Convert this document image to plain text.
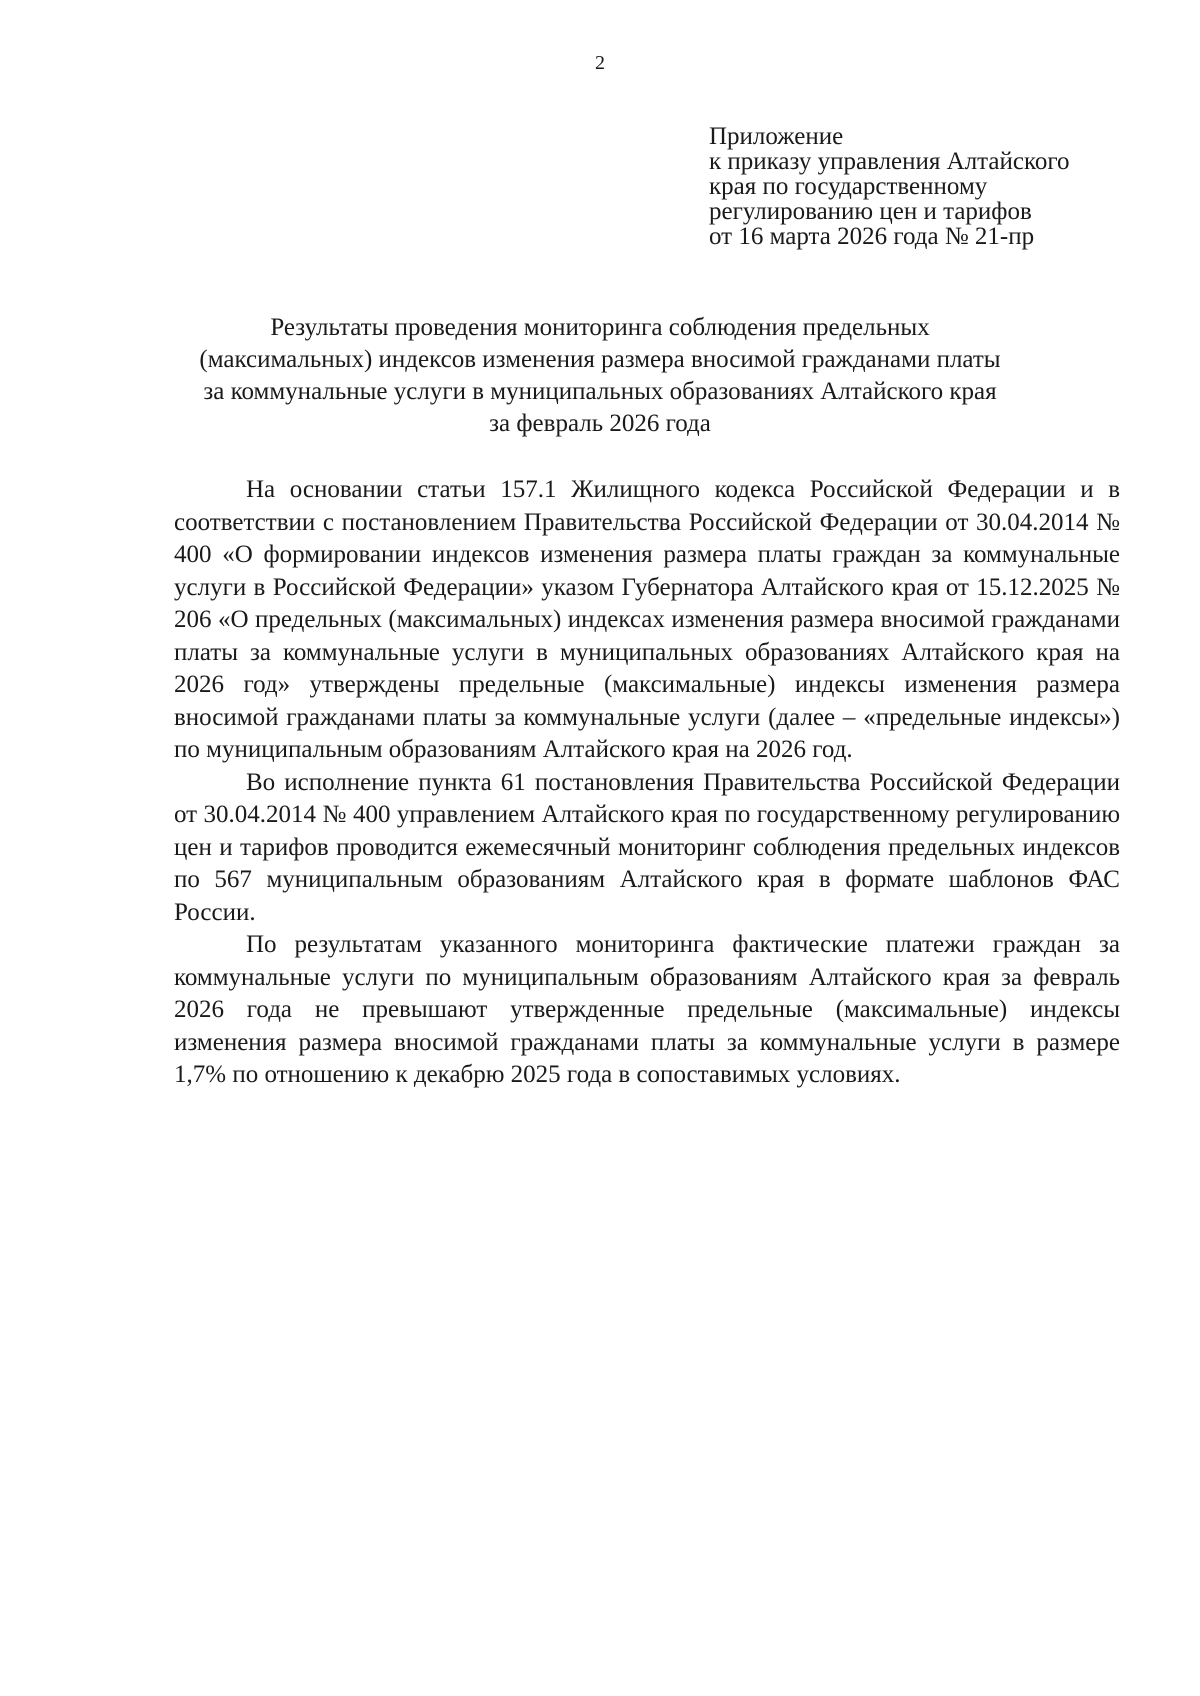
2
Приложение
к приказу управления Алтайского
края по государственному
регулированию цен и тарифов
от 16 марта 2026 года № 21-пр
Результаты проведения мониторинга соблюдения предельных
(максимальных) индексов изменения размера вносимой гражданами платы
за коммунальные услуги в муниципальных образованиях Алтайского края
за февраль 2026 года

На основании статьи 157.1 Жилищного кодекса Российской Федерации и в соответствии с постановлением Правительства Российской Федерации от 30.04.2014 № 400 «О формировании индексов изменения размера платы граждан за коммунальные услуги в Российской Федерации» указом Губернатора Алтайского края от 15.12.2025 № 206 «О предельных (максимальных) индексах изменения размера вносимой гражданами платы за коммунальные услуги в муниципальных образованиях Алтайского края на 2026 год» утверждены предельные (максимальные) индексы изменения размера вносимой гражданами платы за коммунальные услуги (далее – «предельные индексы») по муниципальным образованиям Алтайского края на 2026 год.

Во исполнение пункта 61 постановления Правительства Российской Федерации от 30.04.2014 № 400 управлением Алтайского края по государственному регулированию цен и тарифов проводится ежемесячный мониторинг соблюдения предельных индексов по 567 муниципальным образованиям Алтайского края в формате шаблонов ФАС России.

По результатам указанного мониторинга фактические платежи граждан за коммунальные услуги по муниципальным образованиям Алтайского края за февраль 2026 года не превышают утвержденные предельные (максимальные) индексы изменения размера вносимой гражданами платы за коммунальные услуги в размере 1,7% по отношению к декабрю 2025 года в сопоставимых условиях.
